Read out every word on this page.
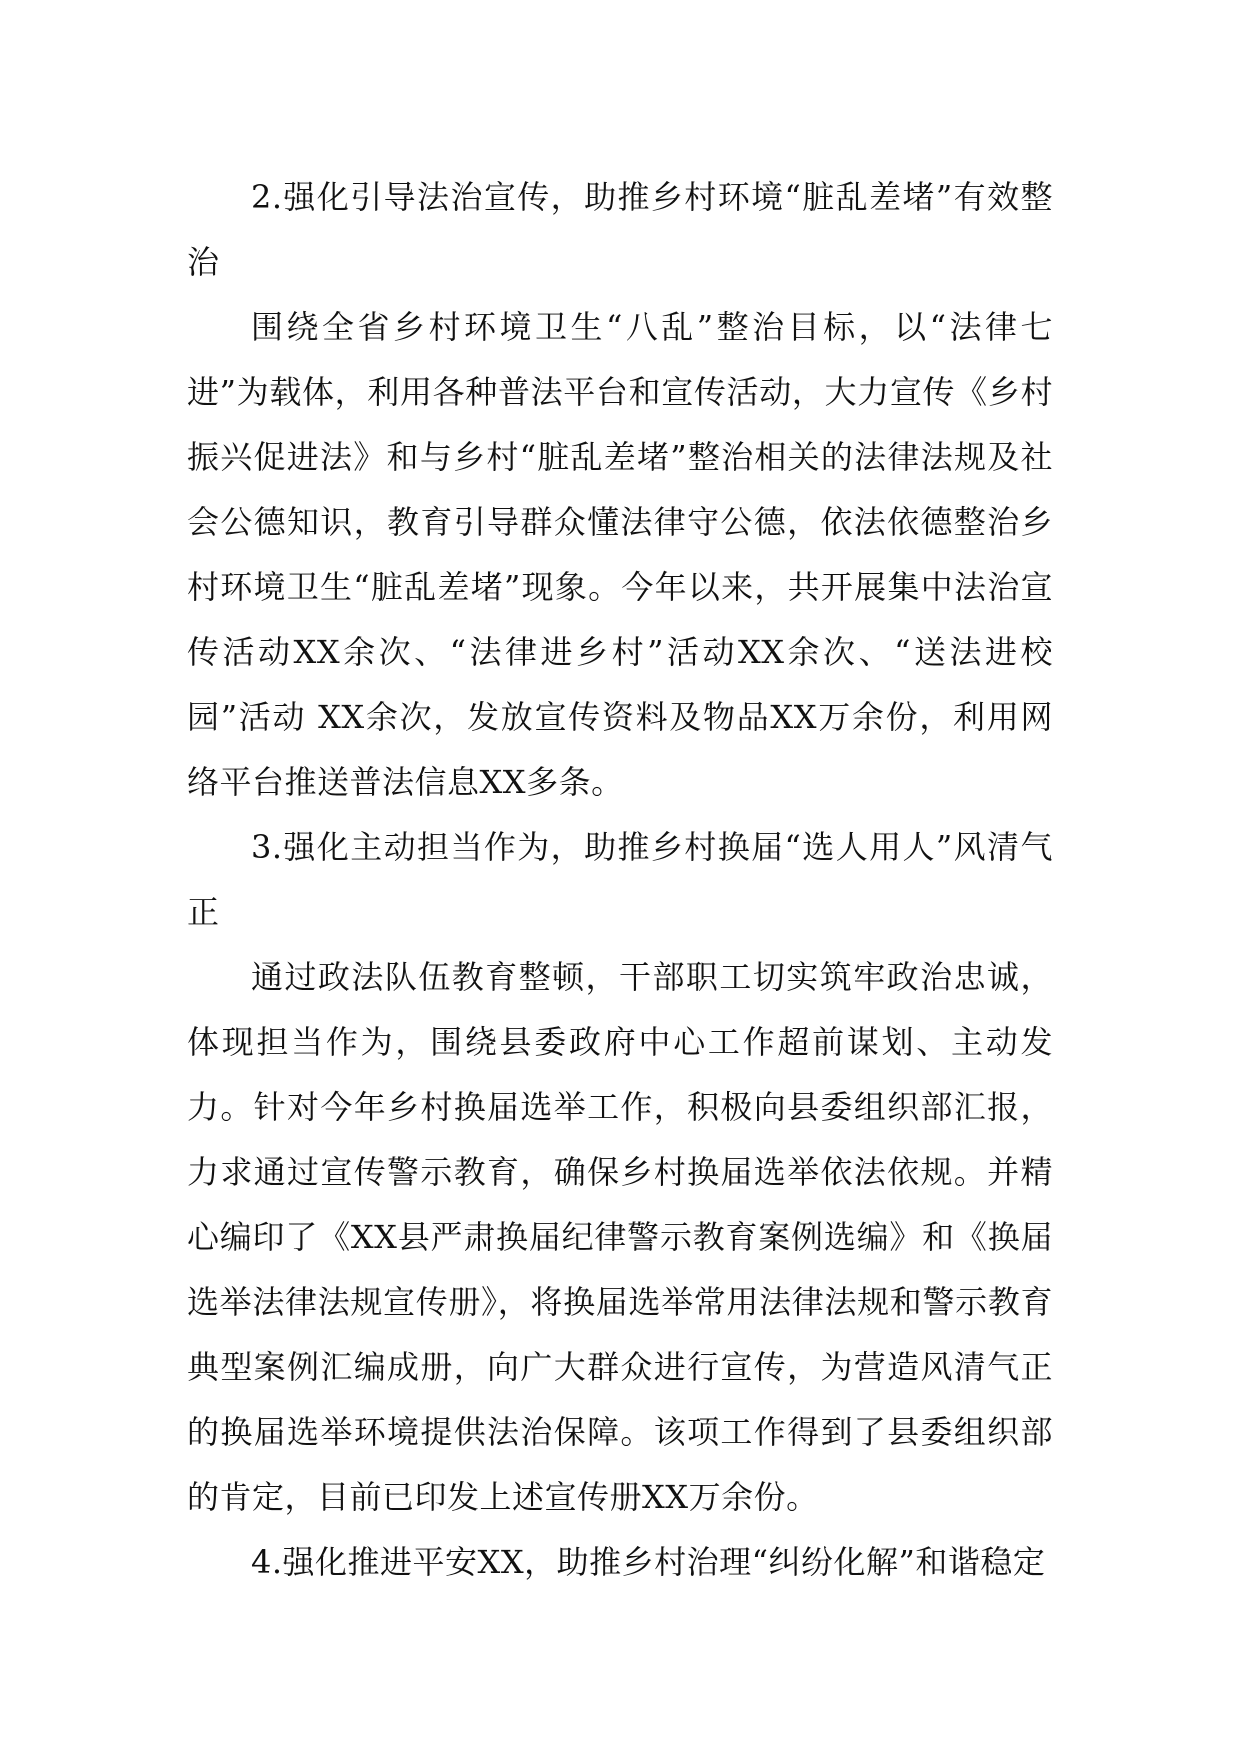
2.强化引导法治宣传，助推乡村环境“脏乱差堵”有效整治

围绕全省乡村环境卫生“八乱”整治目标，以“法律七进”为载体，利用各种普法平台和宣传活动，大力宣传《乡村振兴促进法》和与乡村“脏乱差堵”整治相关的法律法规及社会公德知识，教育引导群众懂法律守公德，依法依德整治乡村环境卫生“脏乱差堵”现象。今年以来，共开展集中法治宣传活动XX余次、“法律进乡村”活动XX余次、“送法进校园”活动 XX余次，发放宣传资料及物品XX万余份，利用网络平台推送普法信息XX多条。

3.强化主动担当作为，助推乡村换届“选人用人”风清气正

通过政法队伍教育整顿，干部职工切实筑牢政治忠诚，体现担当作为，围绕县委政府中心工作超前谋划、主动发力。针对今年乡村换届选举工作，积极向县委组织部汇报，力求通过宣传警示教育，确保乡村换届选举依法依规。并精心编印了《XX县严肃换届纪律警示教育案例选编》和《换届选举法律法规宣传册》，将换届选举常用法律法规和警示教育典型案例汇编成册，向广大群众进行宣传，为营造风清气正的换届选举环境提供法治保障。该项工作得到了县委组织部的肯定，目前已印发上述宣传册XX万余份。

4.强化推进平安XX，助推乡村治理“纠纷化解”和谐稳定
